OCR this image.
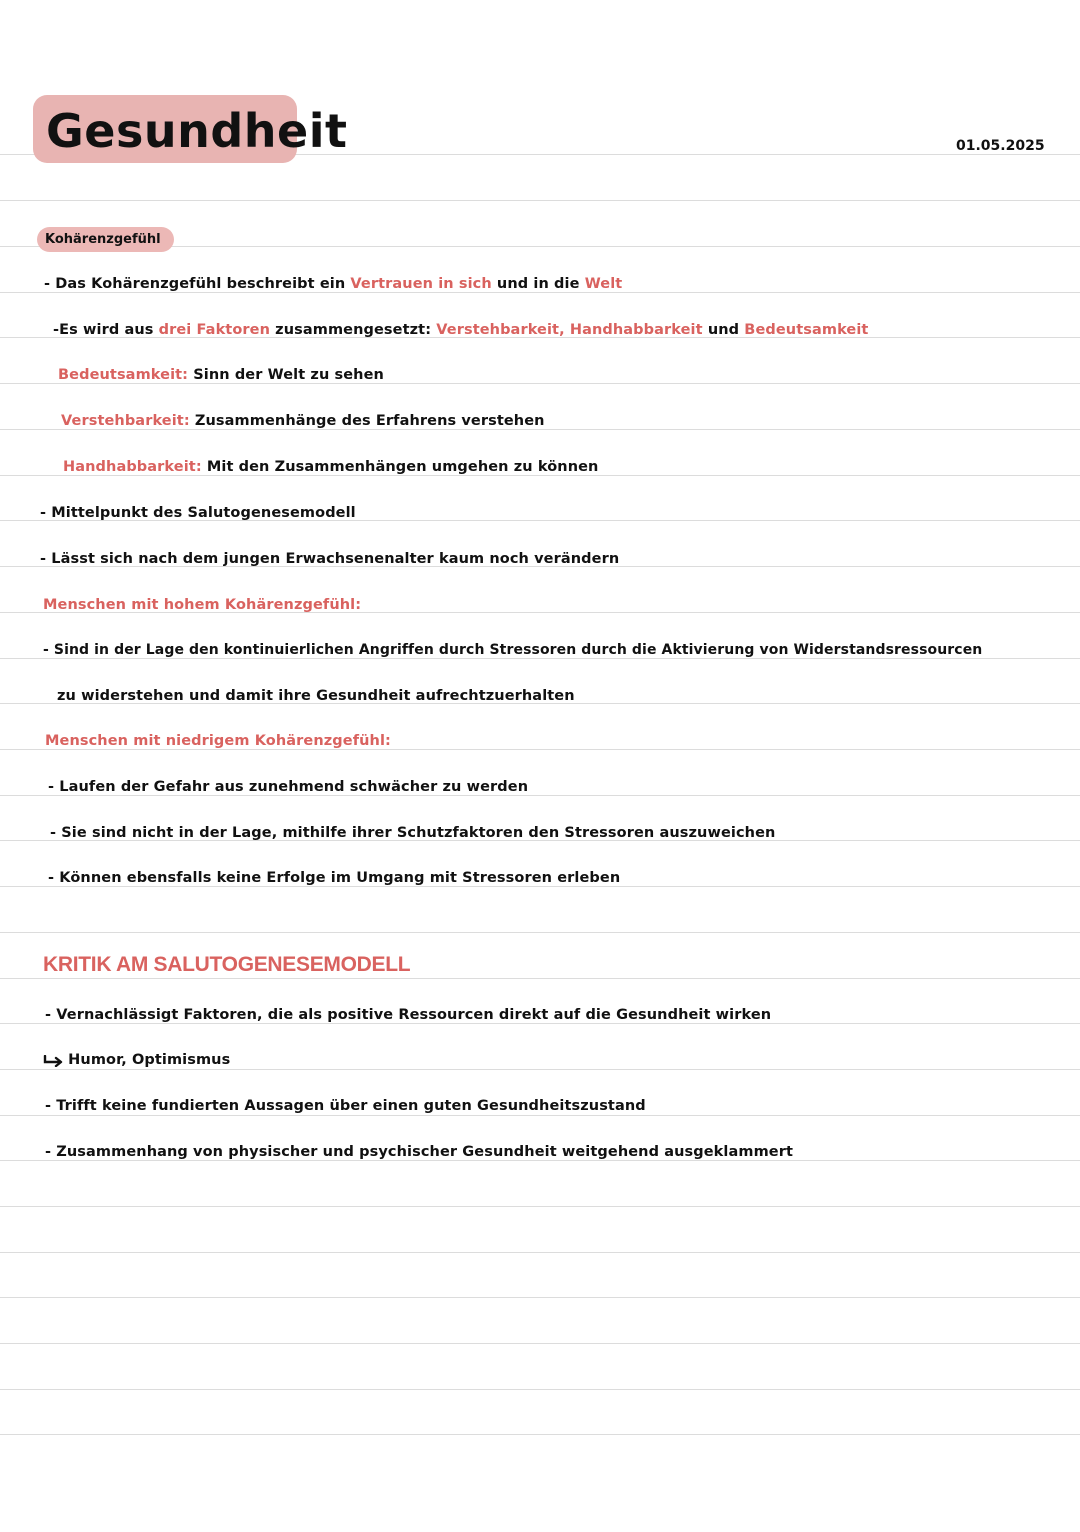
Gesundheit	01.05.2025
Kohärenzgefühl
- Das Kohärenzgefühl beschreibt ein Vertrauen in sich und in die Welt
-Es wird aus drei Faktoren zusammengesetzt: Verstehbarkeit, Handhabbarkeit und Bedeutsamkeit
Bedeutsamkeit: Sinn der Welt zu sehen
Verstehbarkeit: Zusammenhänge des Erfahrens verstehen
Handhabbarkeit: Mit den Zusammenhängen umgehen zu können
- Mittelpunkt des Salutogenesemodell
- Lässt sich nach dem jungen Erwachsenenalter kaum noch verändern
Menschen mit hohem Kohärenzgefühl:
- Sind in der Lage den kontinuierlichen Angriffen durch Stressoren durch die Aktivierung von Widerstandsressourcen
zu widerstehen und damit ihre Gesundheit aufrechtzuerhalten
Menschen mit niedrigem Kohärenzgefühl:
- Laufen der Gefahr aus zunehmend schwächer zu werden
- Sie sind nicht in der Lage, mithilfe ihrer Schutzfaktoren den Stressoren auszuweichen
- Können ebensfalls keine Erfolge im Umgang mit Stressoren erleben
KRITIK AM SALUTOGENESEMODELL
- Vernachlässigt Faktoren, die als positive Ressourcen direkt auf die Gesundheit wirken
Humor, Optimismus
- Trifft keine fundierten Aussagen über einen guten Gesundheitszustand
- Zusammenhang von physischer und psychischer Gesundheit weitgehend ausgeklammert
